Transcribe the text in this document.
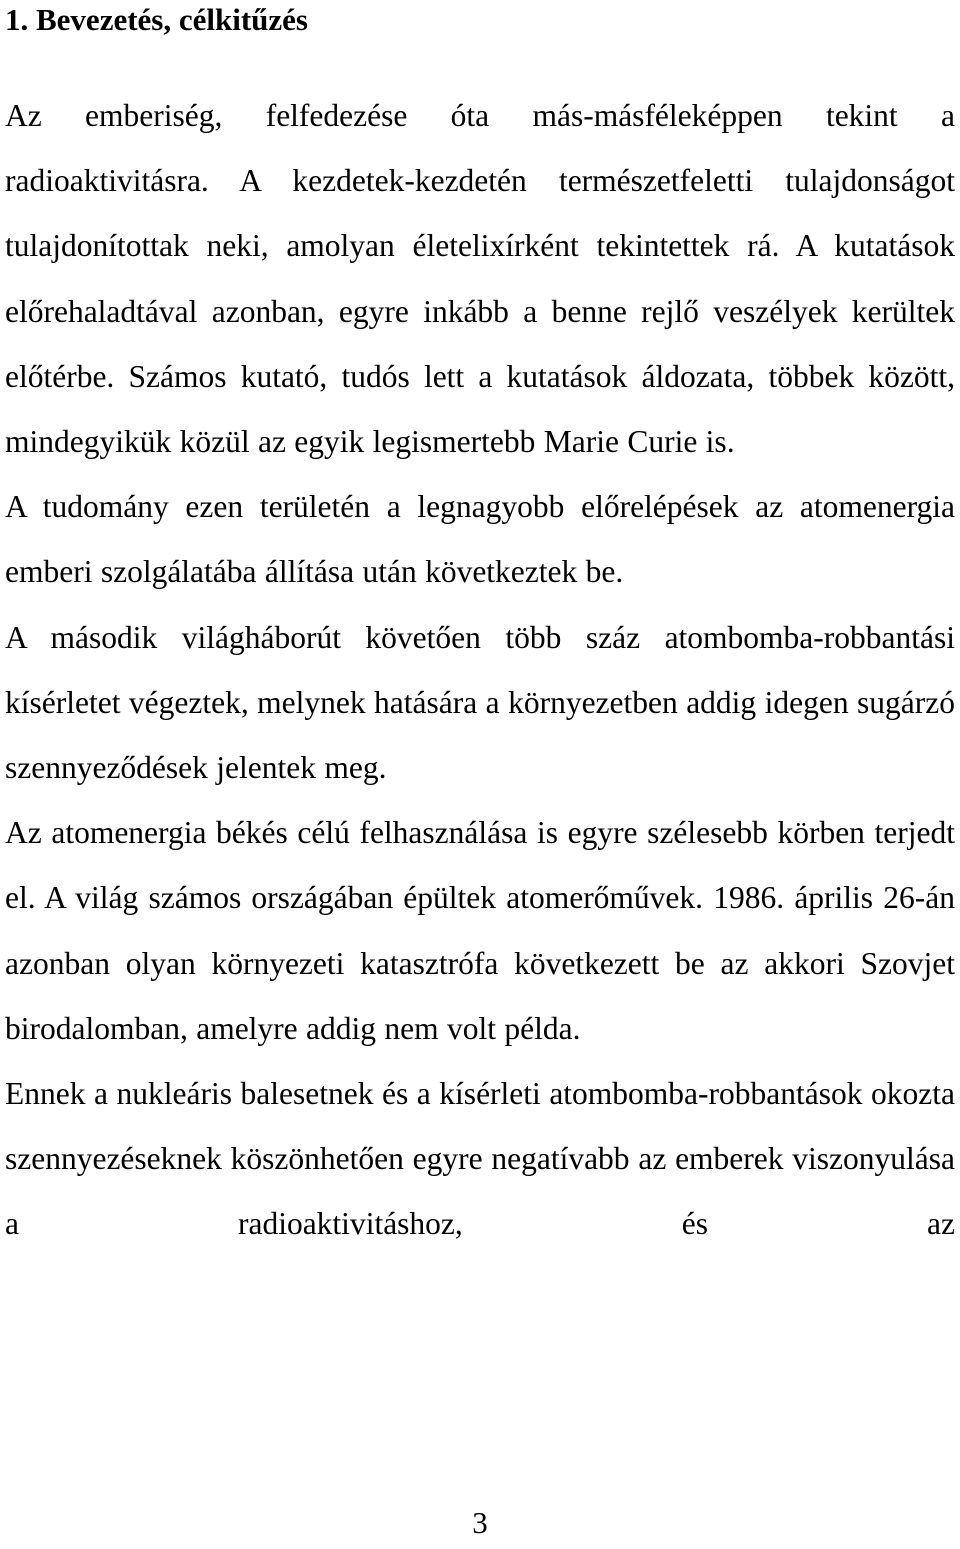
1. Bevezetés, célkitűzés

Az emberiség, felfedezése óta más-másféleképpen tekint a radioaktivitásra. A kezdetek-kezdetén természetfeletti tulajdonságot tulajdonítottak neki, amolyan életelixírként tekintettek rá. A kutatások előrehaladtával azonban, egyre inkább a benne rejlő veszélyek kerültek előtérbe. Számos kutató, tudós lett a kutatások áldozata, többek között, mindegyikük közül az egyik legismertebb Marie Curie is.

A tudomány ezen területén a legnagyobb előrelépések az atomenergia emberi szolgálatába állítása után következtek be.

A második világháborút követően több száz atombomba-robbantási kísérletet végeztek, melynek hatására a környezetben addig idegen sugárzó szennyeződések jelentek meg.

Az atomenergia békés célú felhasználása is egyre szélesebb körben terjedt el. A világ számos országában épültek atomerőművek. 1986. április 26-án azonban olyan környezeti katasztrófa következett be az akkori Szovjet birodalomban, amelyre addig nem volt példa.

Ennek a nukleáris balesetnek és a kísérleti atombomba-robbantások okozta szennyezéseknek köszönhetően egyre negatívabb az emberek viszonyulása a radioaktivitáshoz, és az

3
